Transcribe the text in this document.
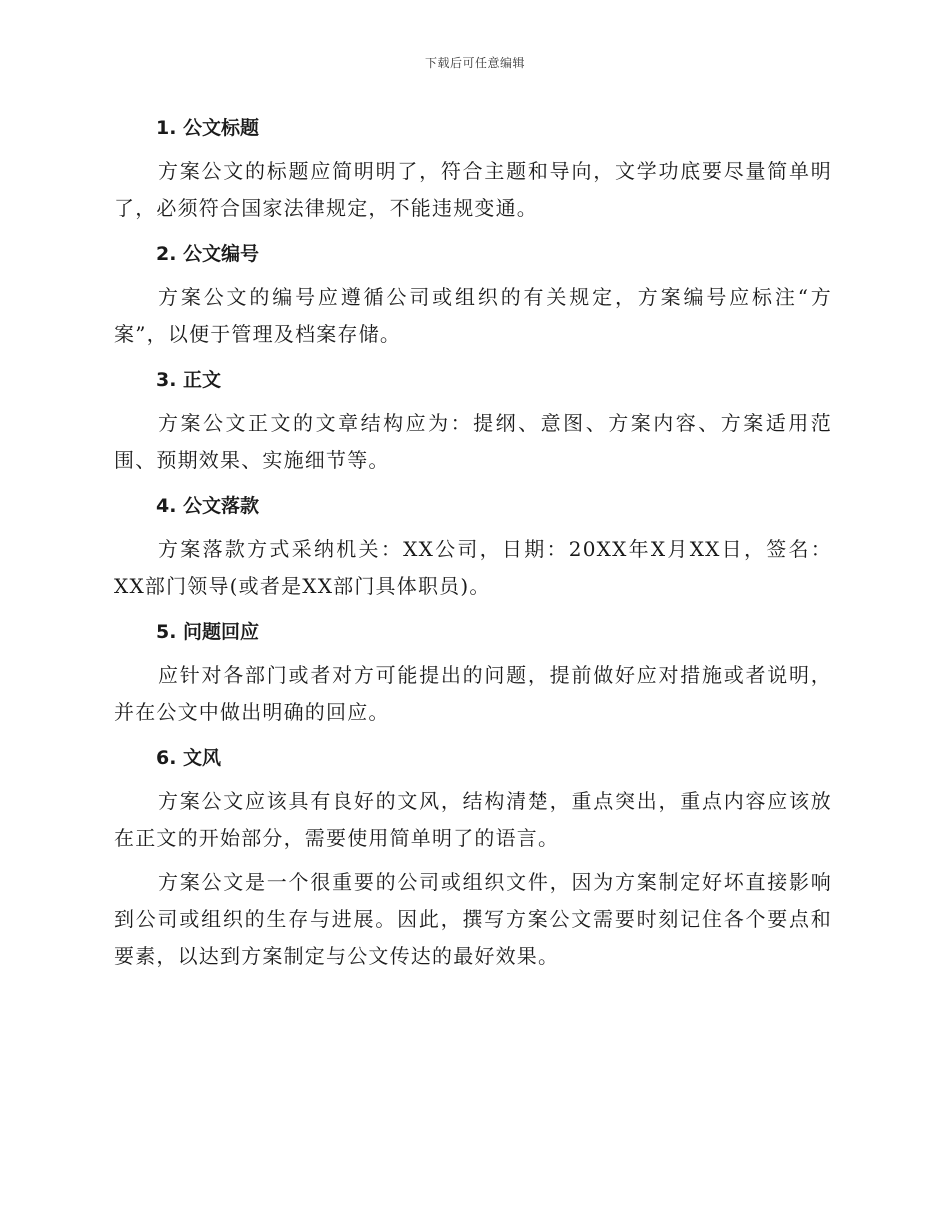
下载后可任意编辑
1. 公文标题

方案公文的标题应简明明了，符合主题和导向，文学功底要尽量简单明了，必须符合国家法律规定，不能违规变通。

2. 公文编号

方案公文的编号应遵循公司或组织的有关规定，方案编号应标注“方案”，以便于管理及档案存储。

3. 正文

方案公文正文的文章结构应为：提纲、意图、方案内容、方案适用范围、预期效果、实施细节等。

4. 公文落款

方案落款方式采纳机关：XX公司，日期：20XX年X月XX日，签名：XX部门领导(或者是XX部门具体职员)。

5. 问题回应

应针对各部门或者对方可能提出的问题，提前做好应对措施或者说明，并在公文中做出明确的回应。

6. 文风

方案公文应该具有良好的文风，结构清楚，重点突出，重点内容应该放在正文的开始部分，需要使用简单明了的语言。

方案公文是一个很重要的公司或组织文件，因为方案制定好坏直接影响到公司或组织的生存与进展。因此，撰写方案公文需要时刻记住各个要点和要素，以达到方案制定与公文传达的最好效果。
